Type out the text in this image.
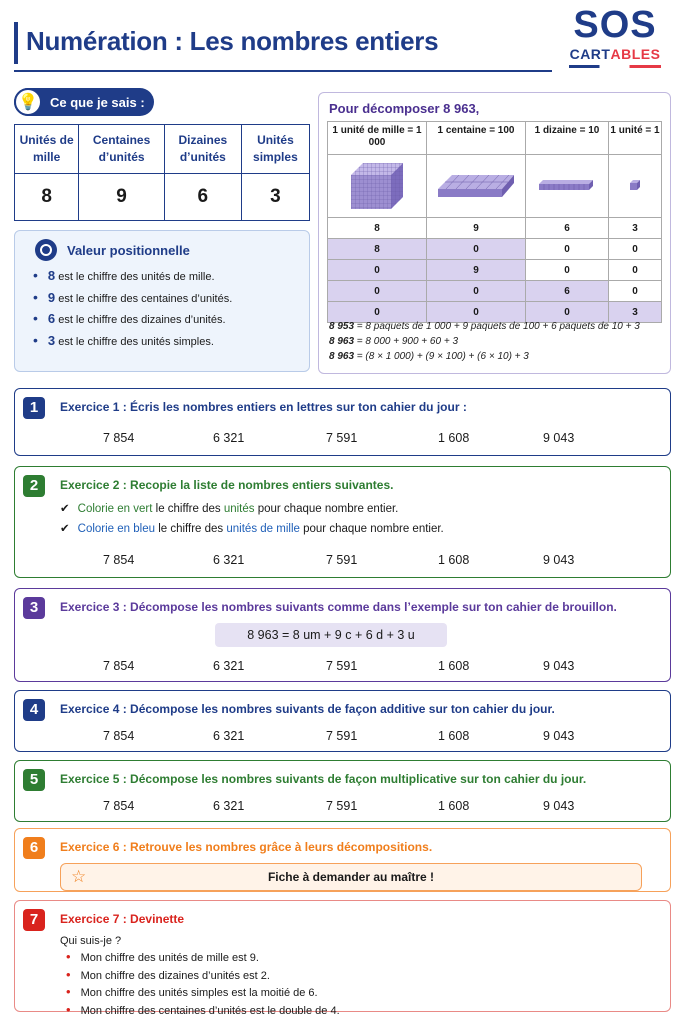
Numération : Les nombres entiers	SOS
CARTABLES
💡 Ce que je sais :
Unités de mille	Centaines d’unités	Dizaines d’unités	Unités simples
8	9	6	3
Valeur positionnelle
• 8 est le chiffre des unités de mille.
• 9 est le chiffre des centaines d’unités.
• 6 est le chiffre des dizaines d’unités.
• 3 est le chiffre des unités simples.
Pour décomposer 8 963,
1 unité de mille = 1 000	1 centaine = 100	1 dizaine = 10	1 unité = 1

8	9	6	3
8	0	0	0
0	9	0	0
0	0	6	0
0	0	0	3
8 953 = 8 paquets de 1 000 + 9 paquets de 100 + 6 paquets de 10 + 3
8 963 = 8 000 + 900 + 60 + 3
8 963 = (8 × 1 000) + (9 × 100) + (6 × 10) + 3
1	Exercice 1 : Écris les nombres entiers en lettres sur ton cahier du jour :
7 854	6 321	7 591	1 608	9 043
2	Exercice 2 : Recopie la liste de nombres entiers suivantes.
✔ Colorie en vert le chiffre des unités pour chaque nombre entier.
✔ Colorie en bleu le chiffre des unités de mille pour chaque nombre entier.
7 854	6 321	7 591	1 608	9 043
3	Exercice 3 : Décompose les nombres suivants comme dans l’exemple sur ton cahier de brouillon.
8 963 = 8 um + 9 c + 6 d + 3 u
7 854	6 321	7 591	1 608	9 043
4	Exercice 4 : Décompose les nombres suivants de façon additive sur ton cahier du jour.
7 854	6 321	7 591	1 608	9 043
5	Exercice 5 : Décompose les nombres suivants de façon multiplicative sur ton cahier du jour.
7 854	6 321	7 591	1 608	9 043
6	Exercice 6 : Retrouve les nombres grâce à leurs décompositions.
☆	Fiche à demander au maître !
7	Exercice 7 : Devinette
Qui suis-je ?
• Mon chiffre des unités de mille est 9.
• Mon chiffre des dizaines d’unités est 2.
• Mon chiffre des unités simples est la moitié de 6.
• Mon chiffre des centaines d’unités est le double de 4.
